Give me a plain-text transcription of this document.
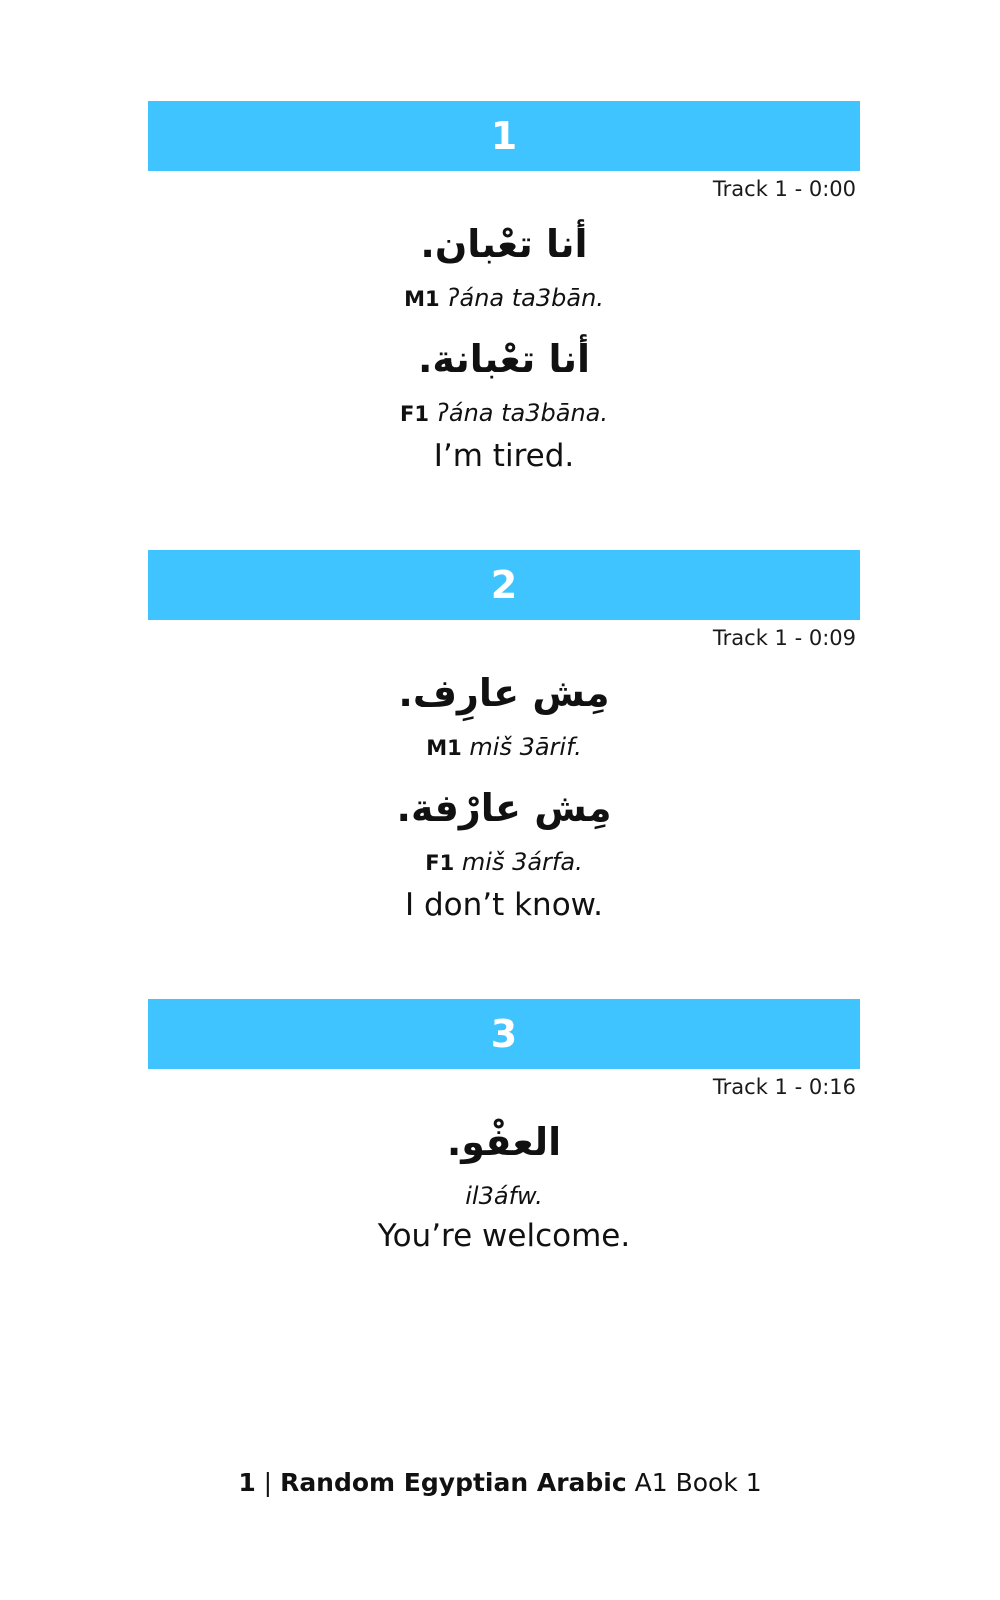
1
Track 1 - 0:00
أنا تعْبان.
M1 ʔána ta3bān.
أنا تعْبانة.
F1 ʔána ta3bāna.
I’m tired.
2
Track 1 - 0:09
مِش عارِف.
M1 miš 3ārif.
مِش عارْفة.
F1 miš 3árfa.
I don’t know.
3
Track 1 - 0:16
العفْو.
il3áfw.
You’re welcome.
1 | Random Egyptian Arabic A1 Book 1
